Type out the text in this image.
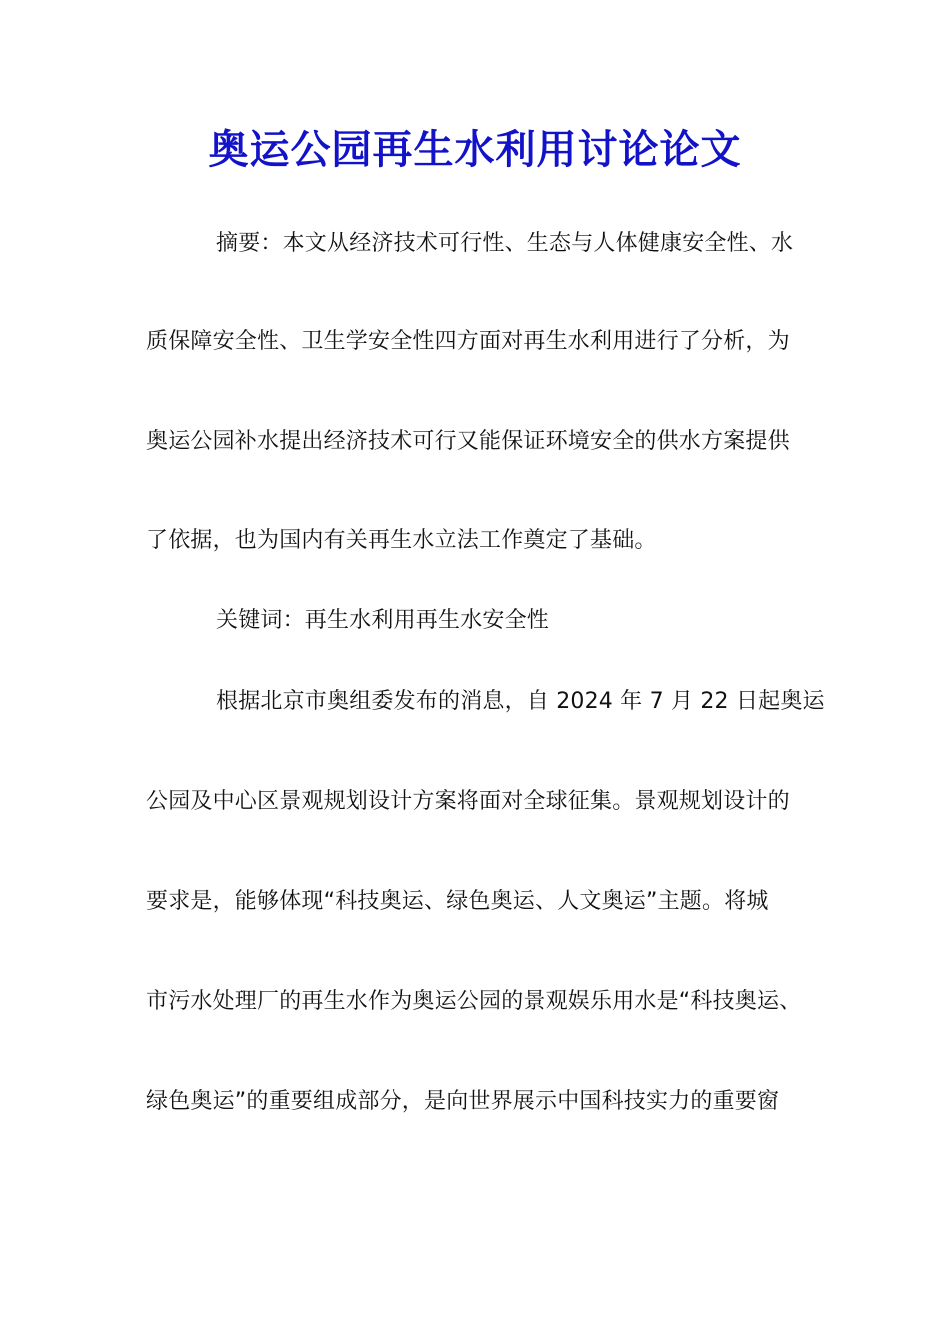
奥运公园再生水利用讨论论文
摘要：本文从经济技术可行性、生态与人体健康安全性、水
质保障安全性、卫生学安全性四方面对再生水利用进行了分析，为
奥运公园补水提出经济技术可行又能保证环境安全的供水方案提供
了依据，也为国内有关再生水立法工作奠定了基础。
关键词：再生水利用再生水安全性
根据北京市奥组委发布的消息，自 2024 年 7 月 22 日起奥运
公园及中心区景观规划设计方案将面对全球征集。景观规划设计的
要求是，能够体现“科技奥运、绿色奥运、人文奥运”主题。将城
市污水处理厂的再生水作为奥运公园的景观娱乐用水是“科技奥运、
绿色奥运”的重要组成部分，是向世界展示中国科技实力的重要窗
